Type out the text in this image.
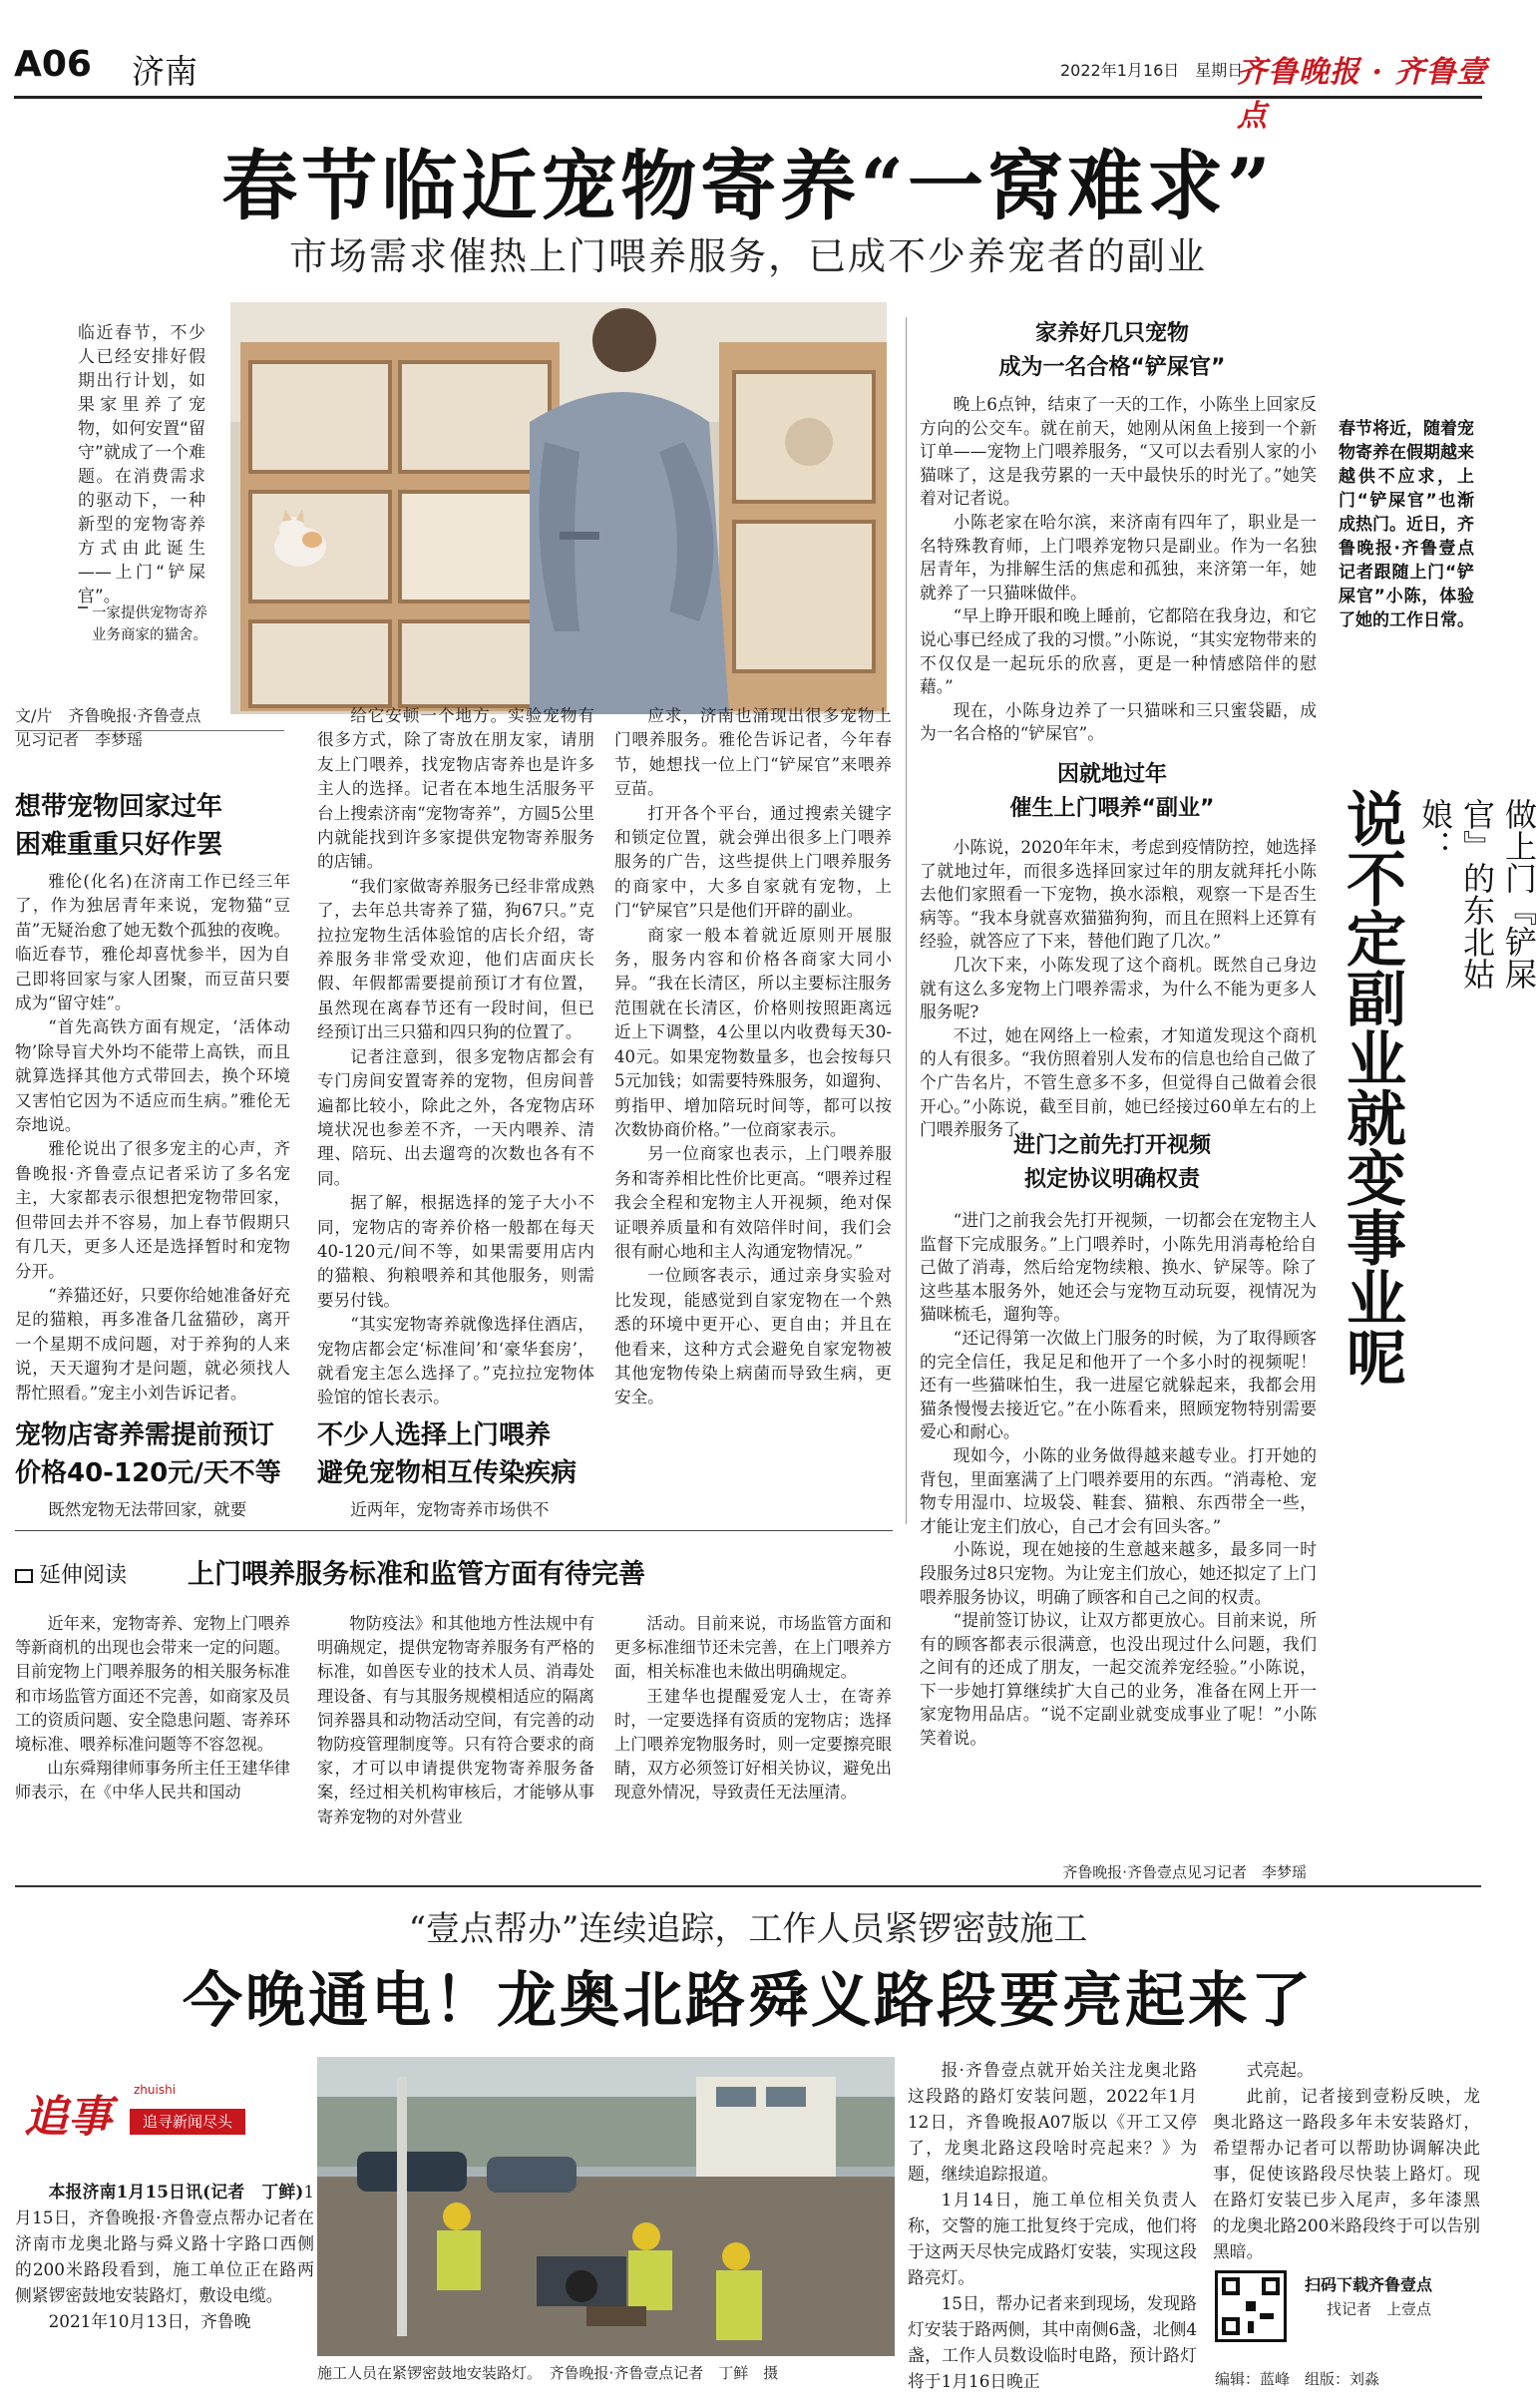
A06 济南	2022年1月16日　星期日
齐鲁晚报 · 齐鲁壹点
春节临近宠物寄养“一窝难求”
市场需求催热上门喂养服务，已成不少养宠者的副业
临近春节，不少人已经安排好假期出行计划，如果家里养了宠物，如何安置“留守”就成了一个难题。在消费需求的驱动下，一种新型的宠物寄养方式由此诞生——上门“铲屎官”。
一家提供宠物寄养业务商家的猫舍。
家养好几只宠物
成为一名合格“铲屎官”

晚上6点钟，结束了一天的工作，小陈坐上回家反方向的公交车。就在前天，她刚从闲鱼上接到一个新订单——宠物上门喂养服务，“又可以去看别人家的小猫咪了，这是我劳累的一天中最快乐的时光了。”她笑着对记者说。

小陈老家在哈尔滨，来济南有四年了，职业是一名特殊教育师，上门喂养宠物只是副业。作为一名独居青年，为排解生活的焦虑和孤独，来济第一年，她就养了一只猫咪做伴。

“早上睁开眼和晚上睡前，它都陪在我身边，和它说心事已经成了我的习惯。”小陈说，“其实宠物带来的不仅仅是一起玩乐的欣喜，更是一种情感陪伴的慰藉。”

现在，小陈身边养了一只猫咪和三只蜜袋鼯，成为一名合格的“铲屎官”。

春节将近，随着宠物寄养在假期越来越供不应求，上门“铲屎官”也渐成热门。近日，齐鲁晚报·齐鲁壹点记者跟随上门“铲屎官”小陈，体验了她的工作日常。
因就地过年
催生上门喂养“副业”

小陈说，2020年年末，考虑到疫情防控，她选择了就地过年，而很多选择回家过年的朋友就拜托小陈去他们家照看一下宠物，换水添粮，观察一下是否生病等。“我本身就喜欢猫猫狗狗，而且在照料上还算有经验，就答应了下来，替他们跑了几次。”

几次下来，小陈发现了这个商机。既然自己身边就有这么多宠物上门喂养需求，为什么不能为更多人服务呢?

不过，她在网络上一检索，才知道发现这个商机的人有很多。“我仿照着别人发布的信息也给自己做了个广告名片，不管生意多不多，但觉得自己做着会很开心。”小陈说，截至目前，她已经接过60单左右的上门喂养服务了。

做上门『铲屎官』的东北姑娘：
说不定副业就变事业呢
进门之前先打开视频
拟定协议明确权责

“进门之前我会先打开视频，一切都会在宠物主人监督下完成服务。”上门喂养时，小陈先用消毒枪给自己做了消毒，然后给宠物续粮、换水、铲屎等。除了这些基本服务外，她还会与宠物互动玩耍，视情况为猫咪梳毛，遛狗等。

“还记得第一次做上门服务的时候，为了取得顾客的完全信任，我足足和他开了一个多小时的视频呢！还有一些猫咪怕生，我一进屋它就躲起来，我都会用猫条慢慢去接近它。”在小陈看来，照顾宠物特别需要爱心和耐心。

现如今，小陈的业务做得越来越专业。打开她的背包，里面塞满了上门喂养要用的东西。“消毒枪、宠物专用湿巾、垃圾袋、鞋套、猫粮、东西带全一些，才能让宠主们放心，自己才会有回头客。”

小陈说，现在她接的生意越来越多，最多同一时段服务过8只宠物。为让宠主们放心，她还拟定了上门喂养服务协议，明确了顾客和自己之间的权责。

“提前签订协议，让双方都更放心。目前来说，所有的顾客都表示很满意，也没出现过什么问题，我们之间有的还成了朋友，一起交流养宠经验。”小陈说，下一步她打算继续扩大自己的业务，准备在网上开一家宠物用品店。“说不定副业就变成事业了呢！”小陈笑着说。

齐鲁晚报·齐鲁壹点见习记者　李梦瑶
文/片　齐鲁晚报·齐鲁壹点
见习记者　李梦瑶
想带宠物回家过年
困难重重只好作罢

雅伦(化名)在济南工作已经三年了，作为独居青年来说，宠物猫“豆苗”无疑治愈了她无数个孤独的夜晚。临近春节，雅伦却喜忧参半，因为自己即将回家与家人团聚，而豆苗只要成为“留守娃”。

“首先高铁方面有规定，‘活体动物’除导盲犬外均不能带上高铁，而且就算选择其他方式带回去，换个环境又害怕它因为不适应而生病。”雅伦无奈地说。

雅伦说出了很多宠主的心声，齐鲁晚报·齐鲁壹点记者采访了多名宠主，大家都表示很想把宠物带回家，但带回去并不容易，加上春节假期只有几天，更多人还是选择暂时和宠物分开。

“养猫还好，只要你给她准备好充足的猫粮，再多准备几盆猫砂，离开一个星期不成问题，对于养狗的人来说，天天遛狗才是问题，就必须找人帮忙照看。”宠主小刘告诉记者。

宠物店寄养需提前预订
价格40-120元/天不等
既然宠物无法带回家，就要

给它安顿一个地方。实验宠物有很多方式，除了寄放在朋友家，请朋友上门喂养，找宠物店寄养也是许多主人的选择。记者在本地生活服务平台上搜索济南“宠物寄养”，方圆5公里内就能找到许多家提供宠物寄养服务的店铺。

“我们家做寄养服务已经非常成熟了，去年总共寄养了猫，狗67只。”克拉拉宠物生活体验馆的店长介绍，寄养服务非常受欢迎，他们店面庆长假、年假都需要提前预订才有位置，虽然现在离春节还有一段时间，但已经预订出三只猫和四只狗的位置了。

记者注意到，很多宠物店都会有专门房间安置寄养的宠物，但房间普遍都比较小，除此之外，各宠物店环境状况也参差不齐，一天内喂养、清理、陪玩、出去遛弯的次数也各有不同。

据了解，根据选择的笼子大小不同，宠物店的寄养价格一般都在每天40-120元/间不等，如果需要用店内的猫粮、狗粮喂养和其他服务，则需要另付钱。

“其实宠物寄养就像选择住酒店，宠物店都会定‘标准间’和‘豪华套房’，就看宠主怎么选择了。”克拉拉宠物体验馆的馆长表示。

不少人选择上门喂养
避免宠物相互传染疾病
近两年，宠物寄养市场供不

应求，济南也涌现出很多宠物上门喂养服务。雅伦告诉记者，今年春节，她想找一位上门“铲屎官”来喂养豆苗。

打开各个平台，通过搜索关键字和锁定位置，就会弹出很多上门喂养服务的广告，这些提供上门喂养服务的商家中，大多自家就有宠物，上门“铲屎官”只是他们开辟的副业。

商家一般本着就近原则开展服务，服务内容和价格各商家大同小异。“我在长清区，所以主要标注服务范围就在长清区，价格则按照距离远近上下调整，4公里以内收费每天30-40元。如果宠物数量多，也会按每只5元加钱；如需要特殊服务，如遛狗、剪指甲、增加陪玩时间等，都可以按次数协商价格。”一位商家表示。

另一位商家也表示，上门喂养服务和寄养相比性价比更高。“喂养过程我会全程和宠物主人开视频，绝对保证喂养质量和有效陪伴时间，我们会很有耐心地和主人沟通宠物情况。”

一位顾客表示，通过亲身实验对比发现，能感觉到自家宠物在一个熟悉的环境中更开心、更自由；并且在他看来，这种方式会避免自家宠物被其他宠物传染上病菌而导致生病，更安全。

延伸阅读 上门喂养服务标准和监管方面有待完善

近年来，宠物寄养、宠物上门喂养等新商机的出现也会带来一定的问题。目前宠物上门喂养服务的相关服务标准和市场监管方面还不完善，如商家及员工的资质问题、安全隐患问题、寄养环境标准、喂养标准问题等不容忽视。

山东舜翔律师事务所主任王建华律师表示，在《中华人民共和国动

物防疫法》和其他地方性法规中有明确规定，提供宠物寄养服务有严格的标准，如兽医专业的技术人员、消毒处理设备、有与其服务规模相适应的隔离饲养器具和动物活动空间，有完善的动物防疫管理制度等。只有符合要求的商家，才可以申请提供宠物寄养服务备案，经过相关机构审核后，才能够从事寄养宠物的对外营业

活动。目前来说，市场监管方面和更多标准细节还未完善，在上门喂养方面，相关标准也未做出明确规定。

王建华也提醒爱宠人士，在寄养时，一定要选择有资质的宠物店；选择上门喂养宠物服务时，则一定要擦亮眼睛，双方必须签订好相关协议，避免出现意外情况，导致责任无法厘清。

“壹点帮办”连续追踪，工作人员紧锣密鼓施工
今晚通电！龙奥北路舜义路段要亮起来了
追事
zhuishi
追寻新闻尽头

本报济南1月15日讯(记者　丁鲜)1月15日，齐鲁晚报·齐鲁壹点帮办记者在济南市龙奥北路与舜义路十字路口西侧的200米路段看到，施工单位正在路两侧紧锣密鼓地安装路灯，敷设电缆。

2021年10月13日，齐鲁晚

施工人员在紧锣密鼓地安装路灯。　齐鲁晚报·齐鲁壹点记者　丁鲜　摄

报·齐鲁壹点就开始关注龙奥北路这段路的路灯安装问题，2022年1月12日，齐鲁晚报A07版以《开工又停了，龙奥北路这段啥时亮起来？》为题，继续追踪报道。

1月14日，施工单位相关负责人称，交警的施工批复终于完成，他们将于这两天尽快完成路灯安装，实现这段路亮灯。

15日，帮办记者来到现场，发现路灯安装于路两侧，其中南侧6盏，北侧4盏，工作人员数设临时电路，预计路灯将于1月16日晚正

式亮起。

此前，记者接到壹粉反映，龙奥北路这一路段多年未安装路灯，希望帮办记者可以帮助协调解决此事，促使该路段尽快装上路灯。现在路灯安装已步入尾声，多年漆黑的龙奥北路200米路段终于可以告别黑暗。

扫码下载齐鲁壹点
找记者　上壹点
编辑：蓝峰　组版：刘淼
